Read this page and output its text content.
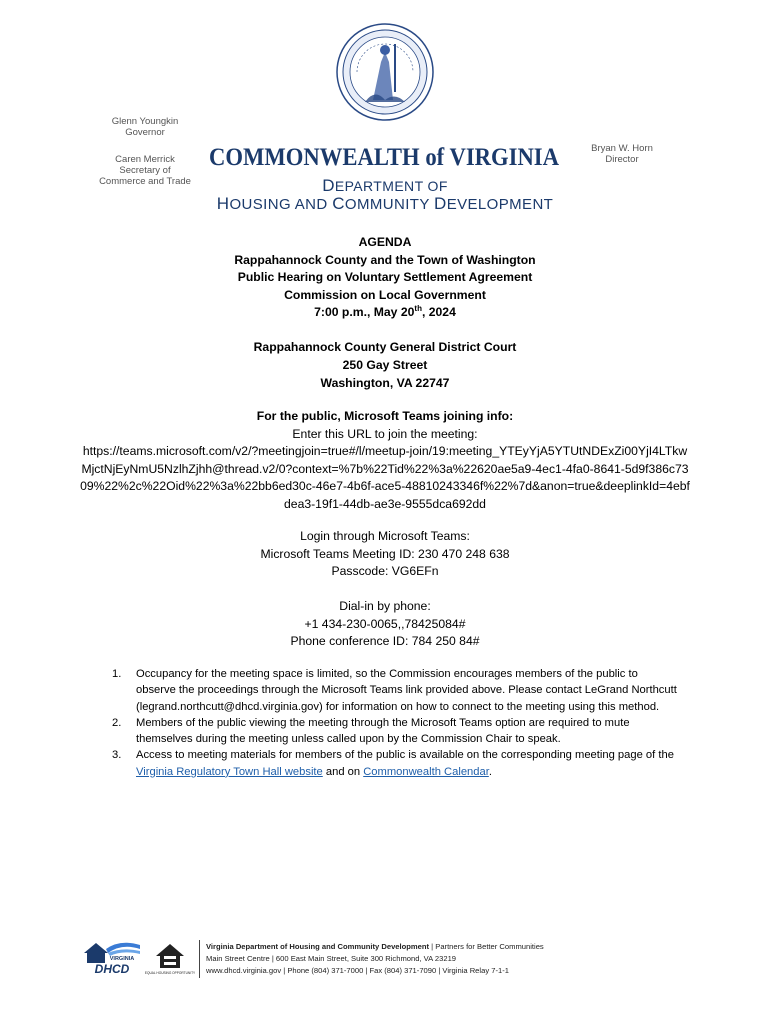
Glenn Youngkin
Governor
Caren Merrick
Secretary of
Commerce and Trade
Bryan W. Horn
Director
COMMONWEALTH of VIRGINIA
DEPARTMENT OF
HOUSING AND COMMUNITY DEVELOPMENT
AGENDA
Rappahannock County and the Town of Washington
Public Hearing on Voluntary Settlement Agreement
Commission on Local Government
7:00 p.m., May 20th, 2024
Rappahannock County General District Court
250 Gay Street
Washington, VA 22747
For the public, Microsoft Teams joining info:
Enter this URL to join the meeting:
https://teams.microsoft.com/v2/?meetingjoin=true#/l/meetup-join/19:meeting_YTEyYjA5YTUtNDExZi00YjI4LTkwMjctNjEyNmU5NzlhZjhh@thread.v2/0?context=%7b%22Tid%22%3a%22620ae5a9-4ec1-4fa0-8641-5d9f386c7309%22%2c%22Oid%22%3a%22bb6ed30c-46e7-4b6f-ace5-48810243346f%22%7d&anon=true&deeplinkId=4ebfdea3-19f1-44db-ae3e-9555dca692dd
Login through Microsoft Teams:
Microsoft Teams Meeting ID: 230 470 248 638
Passcode: VG6EFn
Dial-in by phone:
+1 434-230-0065,,78425084#
Phone conference ID: 784 250 84#
1. Occupancy for the meeting space is limited, so the Commission encourages members of the public to observe the proceedings through the Microsoft Teams link provided above. Please contact LeGrand Northcutt (legrand.northcutt@dhcd.virginia.gov) for information on how to connect to the meeting using this method.
2. Members of the public viewing the meeting through the Microsoft Teams option are required to mute themselves during the meeting unless called upon by the Commission Chair to speak.
3. Access to meeting materials for members of the public is available on the corresponding meeting page of the Virginia Regulatory Town Hall website and on Commonwealth Calendar.
VIRGINIA
DHCD	EQUAL HOUSING OPPORTUNITY
Virginia Department of Housing and Community Development | Partners for Better Communities
Main Street Centre | 600 East Main Street, Suite 300 Richmond, VA 23219
www.dhcd.virginia.gov | Phone (804) 371-7000 | Fax (804) 371-7090 | Virginia Relay 7-1-1
